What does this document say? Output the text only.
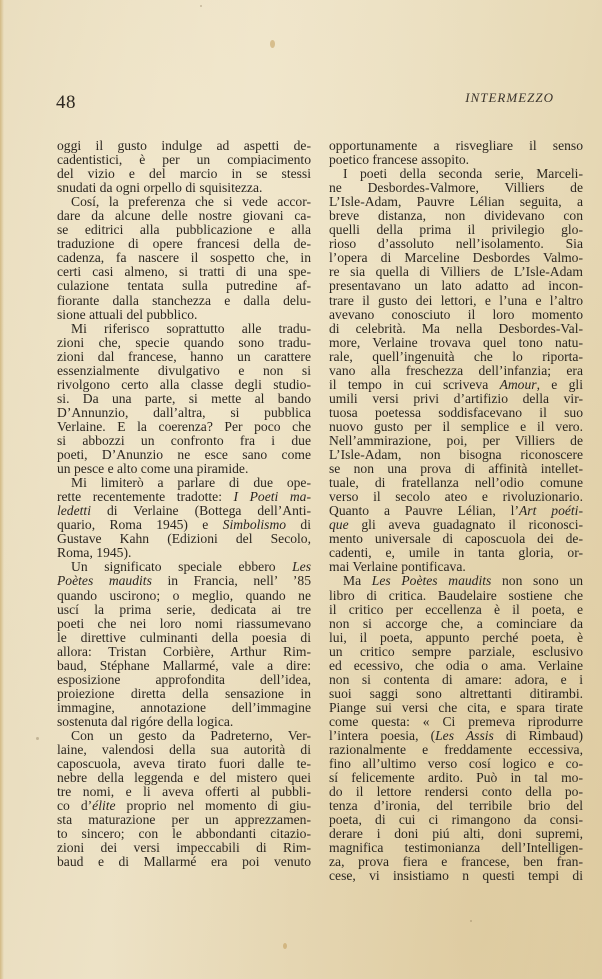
48	INTERMEZZO
oggi il gusto indulge ad aspetti de-
cadentistici, è per un compiacimento
del vizio e del marcio in se stessi
snudati da ogni orpello di squisitezza.
Cosí, la preferenza che si vede accor-
dare da alcune delle nostre giovani ca-
se editrici alla pubblicazione e alla
traduzione di opere francesi della de-
cadenza, fa nascere il sospetto che, in
certi casi almeno, si tratti di una spe-
culazione tentata sulla putredine af-
fiorante dalla stanchezza e dalla delu-
sione attuali del pubblico.
Mi riferisco soprattutto alle tradu-
zioni che, specie quando sono tradu-
zioni dal francese, hanno un carattere
essenzialmente divulgativo e non si
rivolgono certo alla classe degli studio-
si. Da una parte, si mette al bando
D’Annunzio, dall’altra, si pubblica
Verlaine. E la coerenza? Per poco che
si abbozzi un confronto fra i due
poeti, D’Anunzio ne esce sano come
un pesce e alto come una piramide.
Mi limiterò a parlare di due ope-
rette recentemente tradotte: I Poeti ma-
ledetti di Verlaine (Bottega dell’Anti-
quario, Roma 1945) e Simbolismo di
Gustave Kahn (Edizioni del Secolo,
Roma, 1945).
Un significato speciale ebbero Les
Poètes maudits in Francia, nell’ ’85
quando uscirono; o meglio, quando ne
uscí la prima serie, dedicata ai tre
poeti che nei loro nomi riassumevano
le direttive culminanti della poesia di
allora: Tristan Corbière, Arthur Rim-
baud, Stéphane Mallarmé, vale a dire:
esposizione approfondita dell’idea,
proiezione diretta della sensazione in
immagine, annotazione dell’immagine
sostenuta dal rigóre della logica.
Con un gesto da Padreterno, Ver-
laine, valendosi della sua autorità di
caposcuola, aveva tirato fuori dalle te-
nebre della leggenda e del mistero quei
tre nomi, e li aveva offerti al pubbli-
co d’élite proprio nel momento di giu-
sta maturazione per un apprezzamen-
to sincero; con le abbondanti citazio-
zioni dei versi impeccabili di Rim-
baud e di Mallarmé era poi venuto
opportunamente a risvegliare il senso
poetico francese assopito.
I poeti della seconda serie, Marceli-
ne Desbordes-Valmore, Villiers de
L’Isle-Adam, Pauvre Lélian seguita, a
breve distanza, non dividevano con
quelli della prima il privilegio glo-
rioso d’assoluto nell’isolamento. Sia
l’opera di Marceline Desbordes Valmo-
re sia quella di Villiers de L’Isle-Adam
presentavano un lato adatto ad incon-
trare il gusto dei lettori, e l’una e l’altro
avevano conosciuto il loro momento
di celebrità. Ma nella Desbordes-Val-
more, Verlaine trovava quel tono natu-
rale, quell’ingenuità che lo riporta-
vano alla freschezza dell’infanzia; era
il tempo in cui scriveva Amour, e gli
umili versi privi d’artifizio della vir-
tuosa poetessa soddisfacevano il suo
nuovo gusto per il semplice e il vero.
Nell’ammirazione, poi, per Villiers de
L’Isle-Adam, non bisogna riconoscere
se non una prova di affinità intellet-
tuale, di fratellanza nell’odio comune
verso il secolo ateo e rivoluzionario.
Quanto a Pauvre Lélian, l’Art poéti-
que gli aveva guadagnato il riconosci-
mento universale di caposcuola dei de-
cadenti, e, umile in tanta gloria, or-
mai Verlaine pontificava.
Ma Les Poètes maudits non sono un
libro di critica. Baudelaire sostiene che
il critico per eccellenza è il poeta, e
non si accorge che, a cominciare da
lui, il poeta, appunto perché poeta, è
un critico sempre parziale, esclusivo
ed ecessivo, che odia o ama. Verlaine
non si contenta di amare: adora, e i
suoi saggi sono altrettanti ditirambi.
Piange sui versi che cita, e spara tirate
come questa: « Ci premeva riprodurre
l’intera poesia, (Les Assis di Rimbaud)
razionalmente e freddamente eccessiva,
fino all’ultimo verso cosí logico e co-
sí felicemente ardito. Può in tal mo-
do il lettore rendersi conto della po-
tenza d’ironia, del terribile brio del
poeta, di cui ci rimangono da consi-
derare i doni piú alti, doni supremi,
magnifica testimonianza dell’Intelligen-
za, prova fiera e francese, ben fran-
cese, vi insistiamo n questi tempi di
